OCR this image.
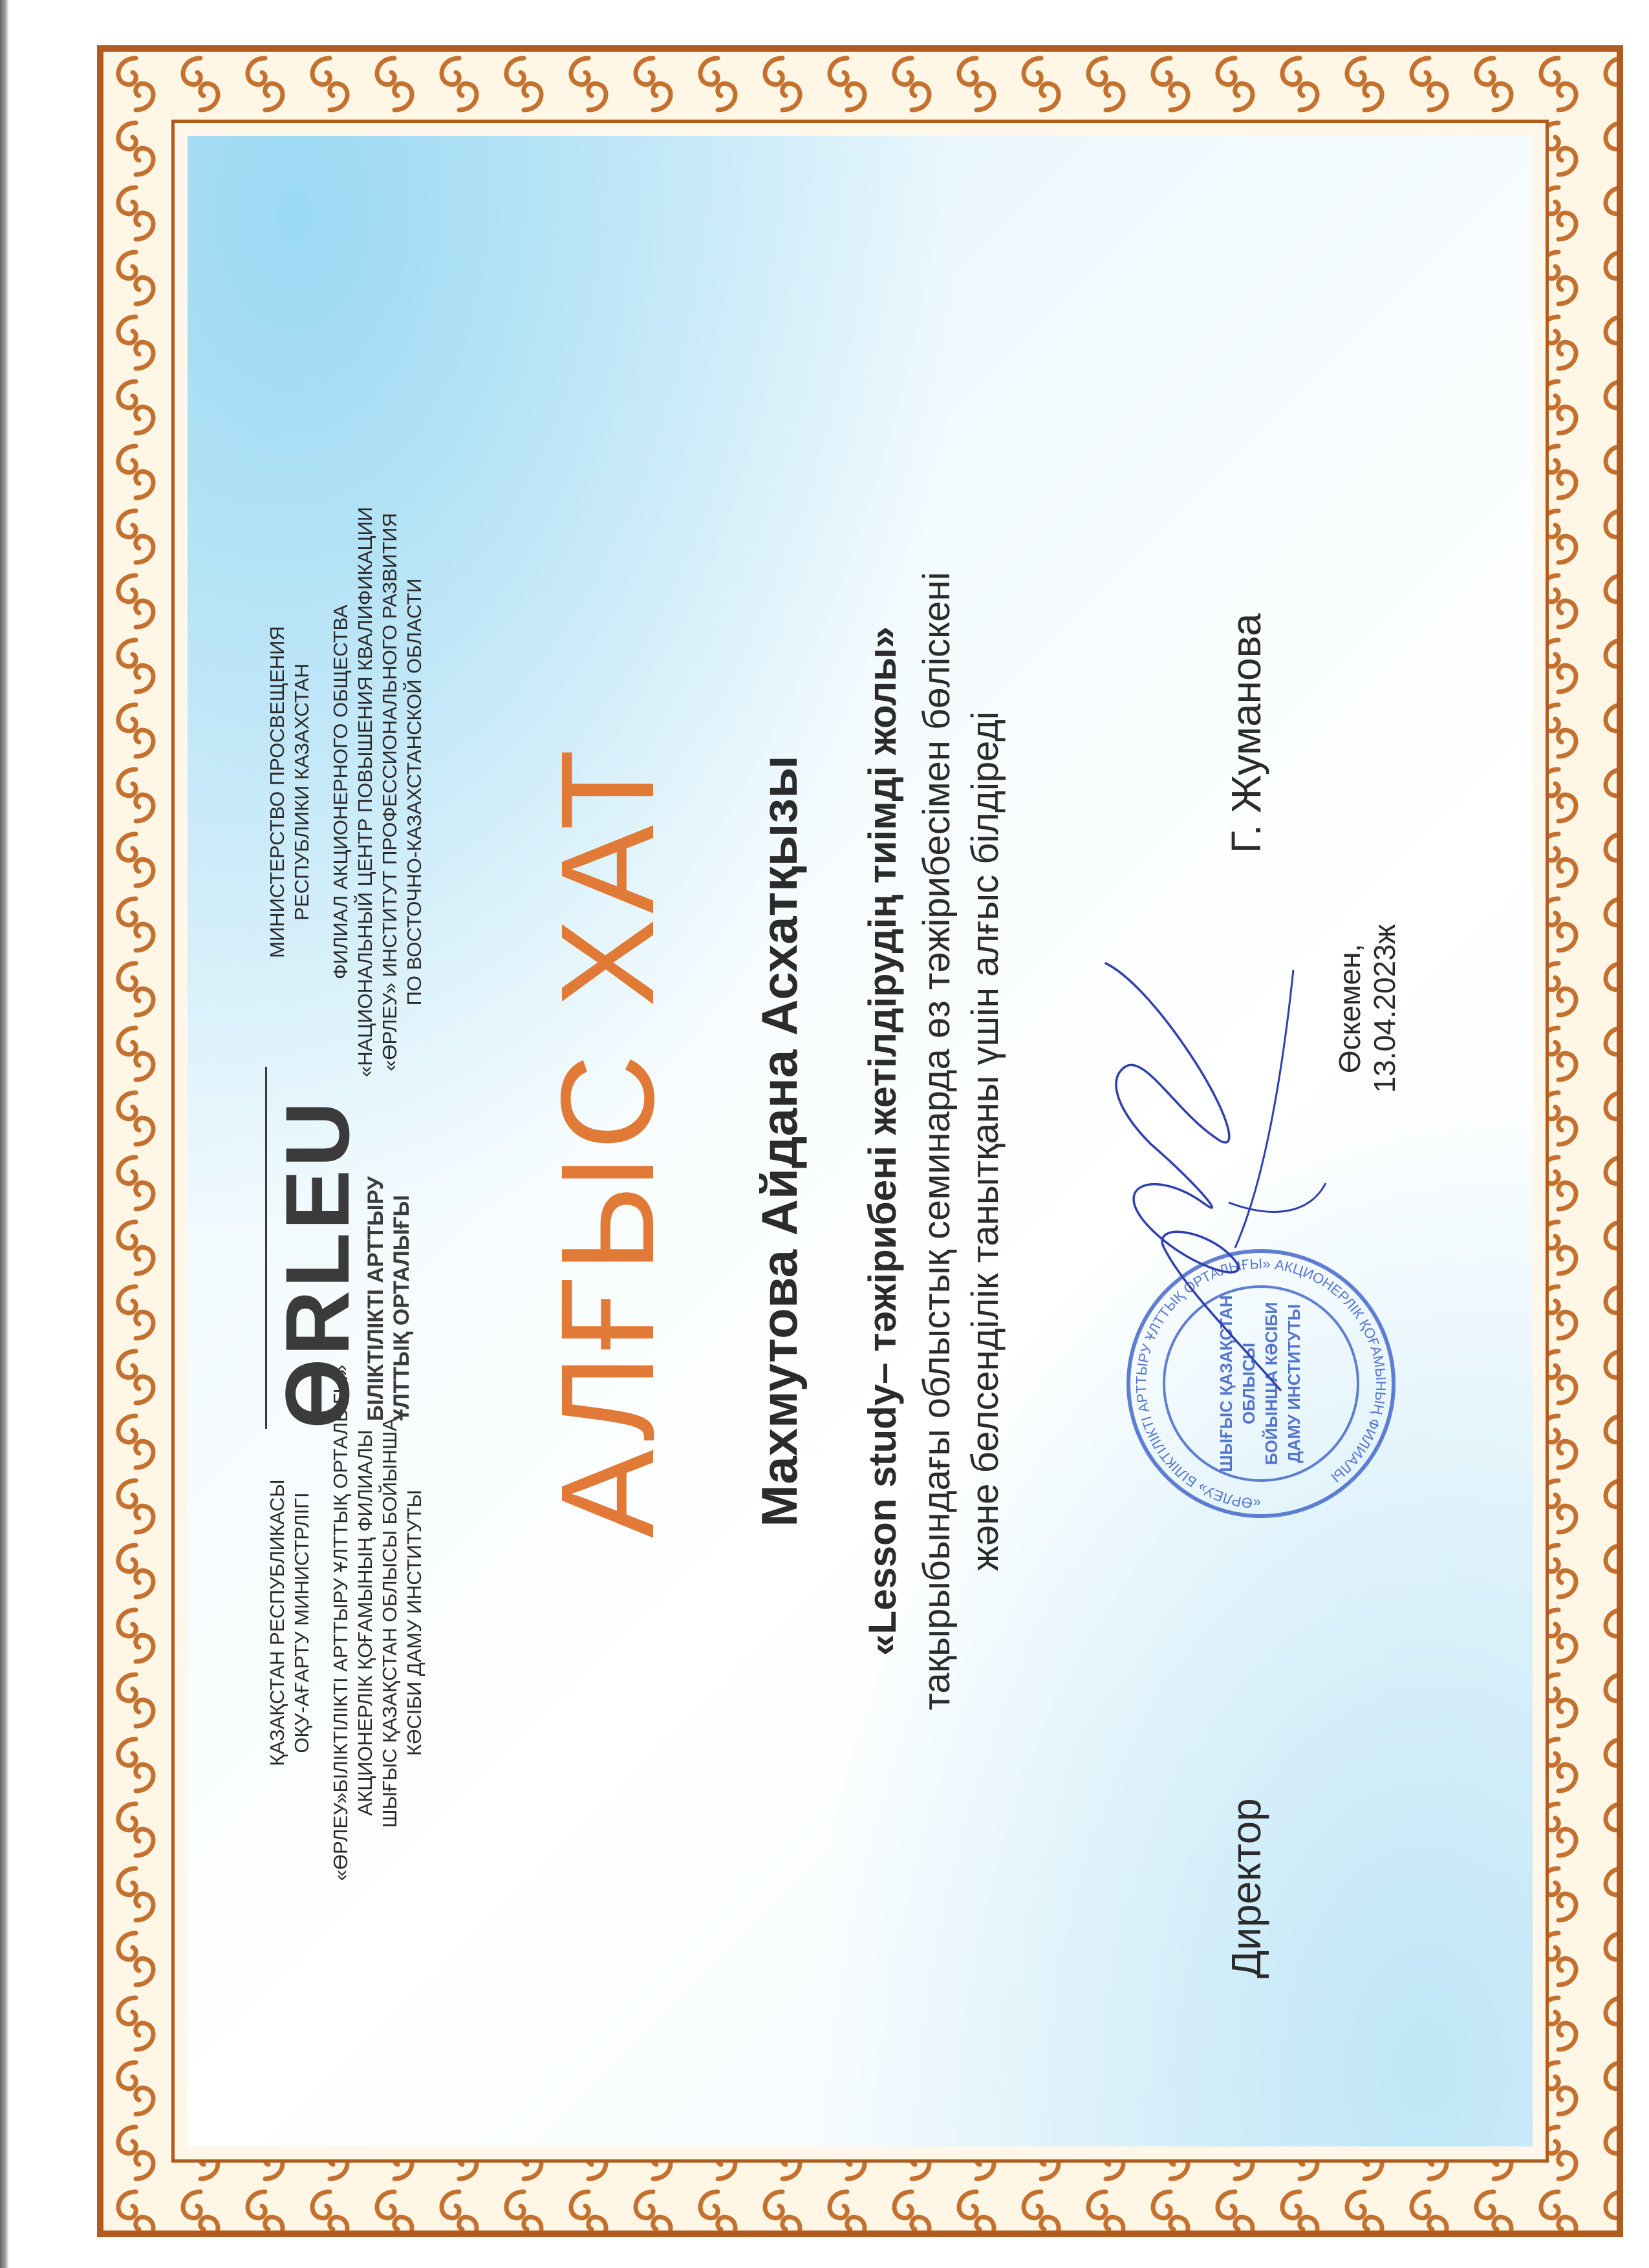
ҚАЗАҚСТАН РЕСПУБЛИКАСЫ ОҚУ-АҒАРТУ МИНИСТРЛІГІ «ӨРЛЕУ»БІЛІКТІЛІКТІ АРТТЫРУ ҰЛТТЫҚ ОРТАЛЫҒЫ» АКЦИОНЕРЛІК ҚОҒАМЫНЫҢ ФИЛИАЛЫ ШЫҒЫС ҚАЗАҚСТАН ОБЛЫСЫ БОЙЫНША КӘСІБИ ДАМУ ИНСТИТУТЫ
ӨRLEU
БІЛІКТІЛІКТІ АРТТЫРУ ҰЛТТЫҚ ОРТАЛЫҒЫ
МИНИСТЕРСТВО ПРОСВЕЩЕНИЯ РЕСПУБЛИКИ КАЗАХСТАН ФИЛИАЛ АКЦИОНЕРНОГО ОБЩЕСТВА «НАЦИОНАЛЬНЫЙ ЦЕНТР ПОВЫШЕНИЯ КВАЛИФИКАЦИИ «ӨРЛЕУ» ИНСТИТУТ ПРОФЕССИОНАЛЬНОГО РАЗВИТИЯ ПО ВОСТОЧНО-КАЗАХСТАНСКОЙ ОБЛАСТИ АЛҒЫС ХАТ Махмутова Айдана Асхатқызы «Lesson study– тәжірибені жетілдірудің тиімді жолы» тақырыбындағы облыстық семинарда өз тәжірибесімен бөліскені және белсенділік танытқаны үшін алғыс білдіреді	«ӨРЛЕУ» БІЛІКТІЛІКТІ АРТТЫРУ ҰЛТТЫҚ ОРТАЛЫҒЫ» АКЦИОНЕРЛІК ҚОҒАМЫНЫҢ ФИЛИАЛЫ
ШЫҒЫС ҚАЗАҚСТАН ОБЛЫСЫ БОЙЫНША КӘСІБИ ДАМУ ИНСТИТУТЫ
Директор
Г. Жуманова
Өскемен, 13.04.2023ж
